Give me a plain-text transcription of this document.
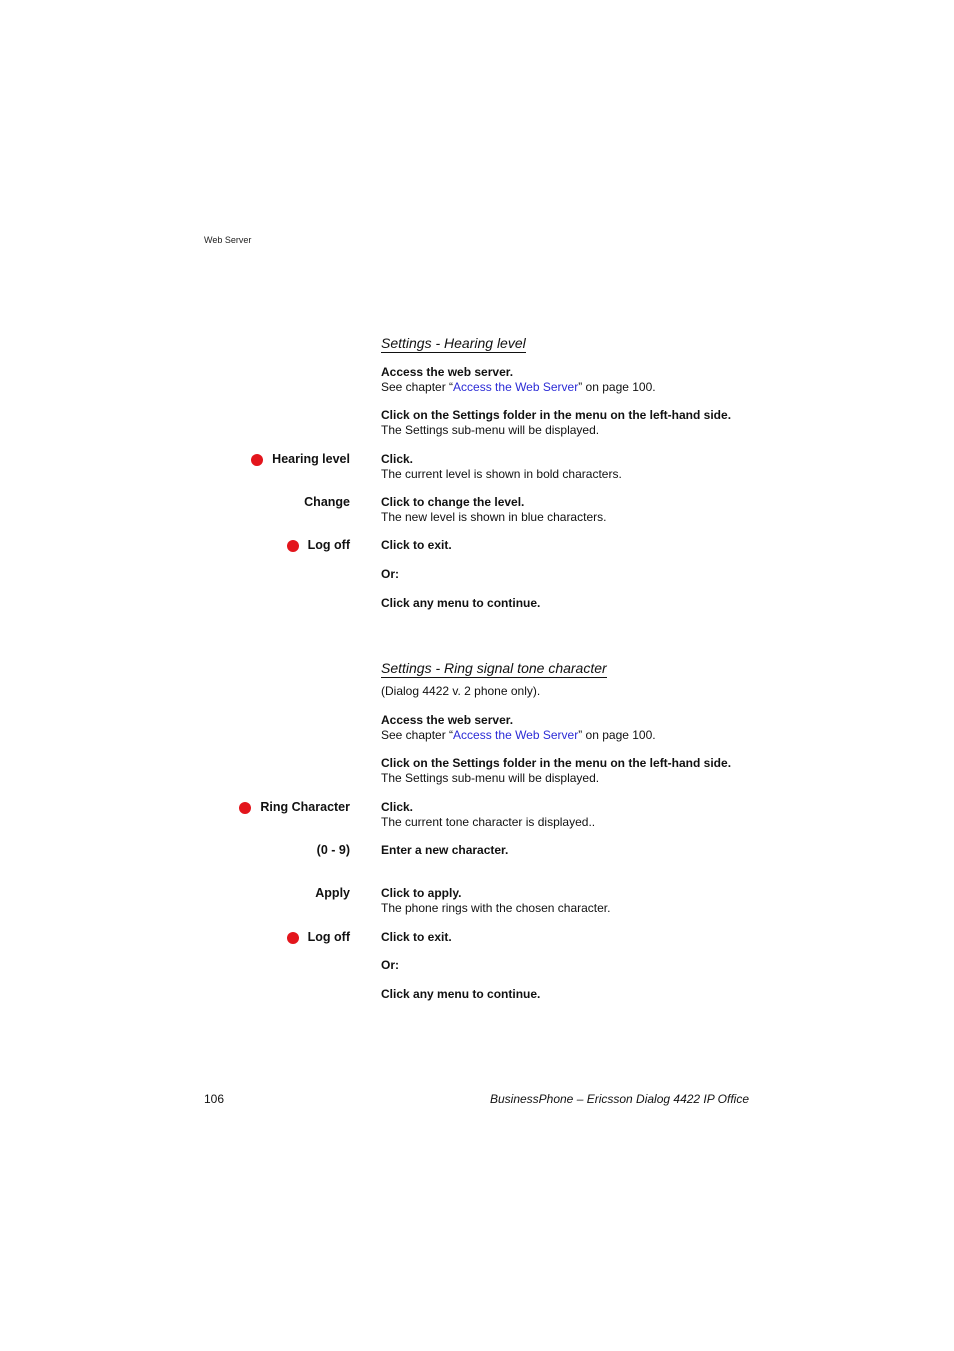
Web Server
Settings - Hearing level
Access the web server.
See chapter “Access the Web Server” on page 100.
Click on the Settings folder in the menu on the left-hand side.
The Settings sub-menu will be displayed.
Hearing level	Click.
The current level is shown in bold characters.
Change	Click to change the level.
The new level is shown in blue characters.
Log off	Click to exit.
Or:
Click any menu to continue.
Settings - Ring signal tone character
(Dialog 4422 v. 2 phone only).
Access the web server.
See chapter “Access the Web Server” on page 100.
Click on the Settings folder in the menu on the left-hand side.
The Settings sub-menu will be displayed.
Ring Character	Click.
The current tone character is displayed..
(0 - 9)	Enter a new character.
Apply	Click to apply.
The phone rings with the chosen character.
Log off	Click to exit.
Or:
Click any menu to continue.
106	BusinessPhone – Ericsson Dialog 4422 IP Office
